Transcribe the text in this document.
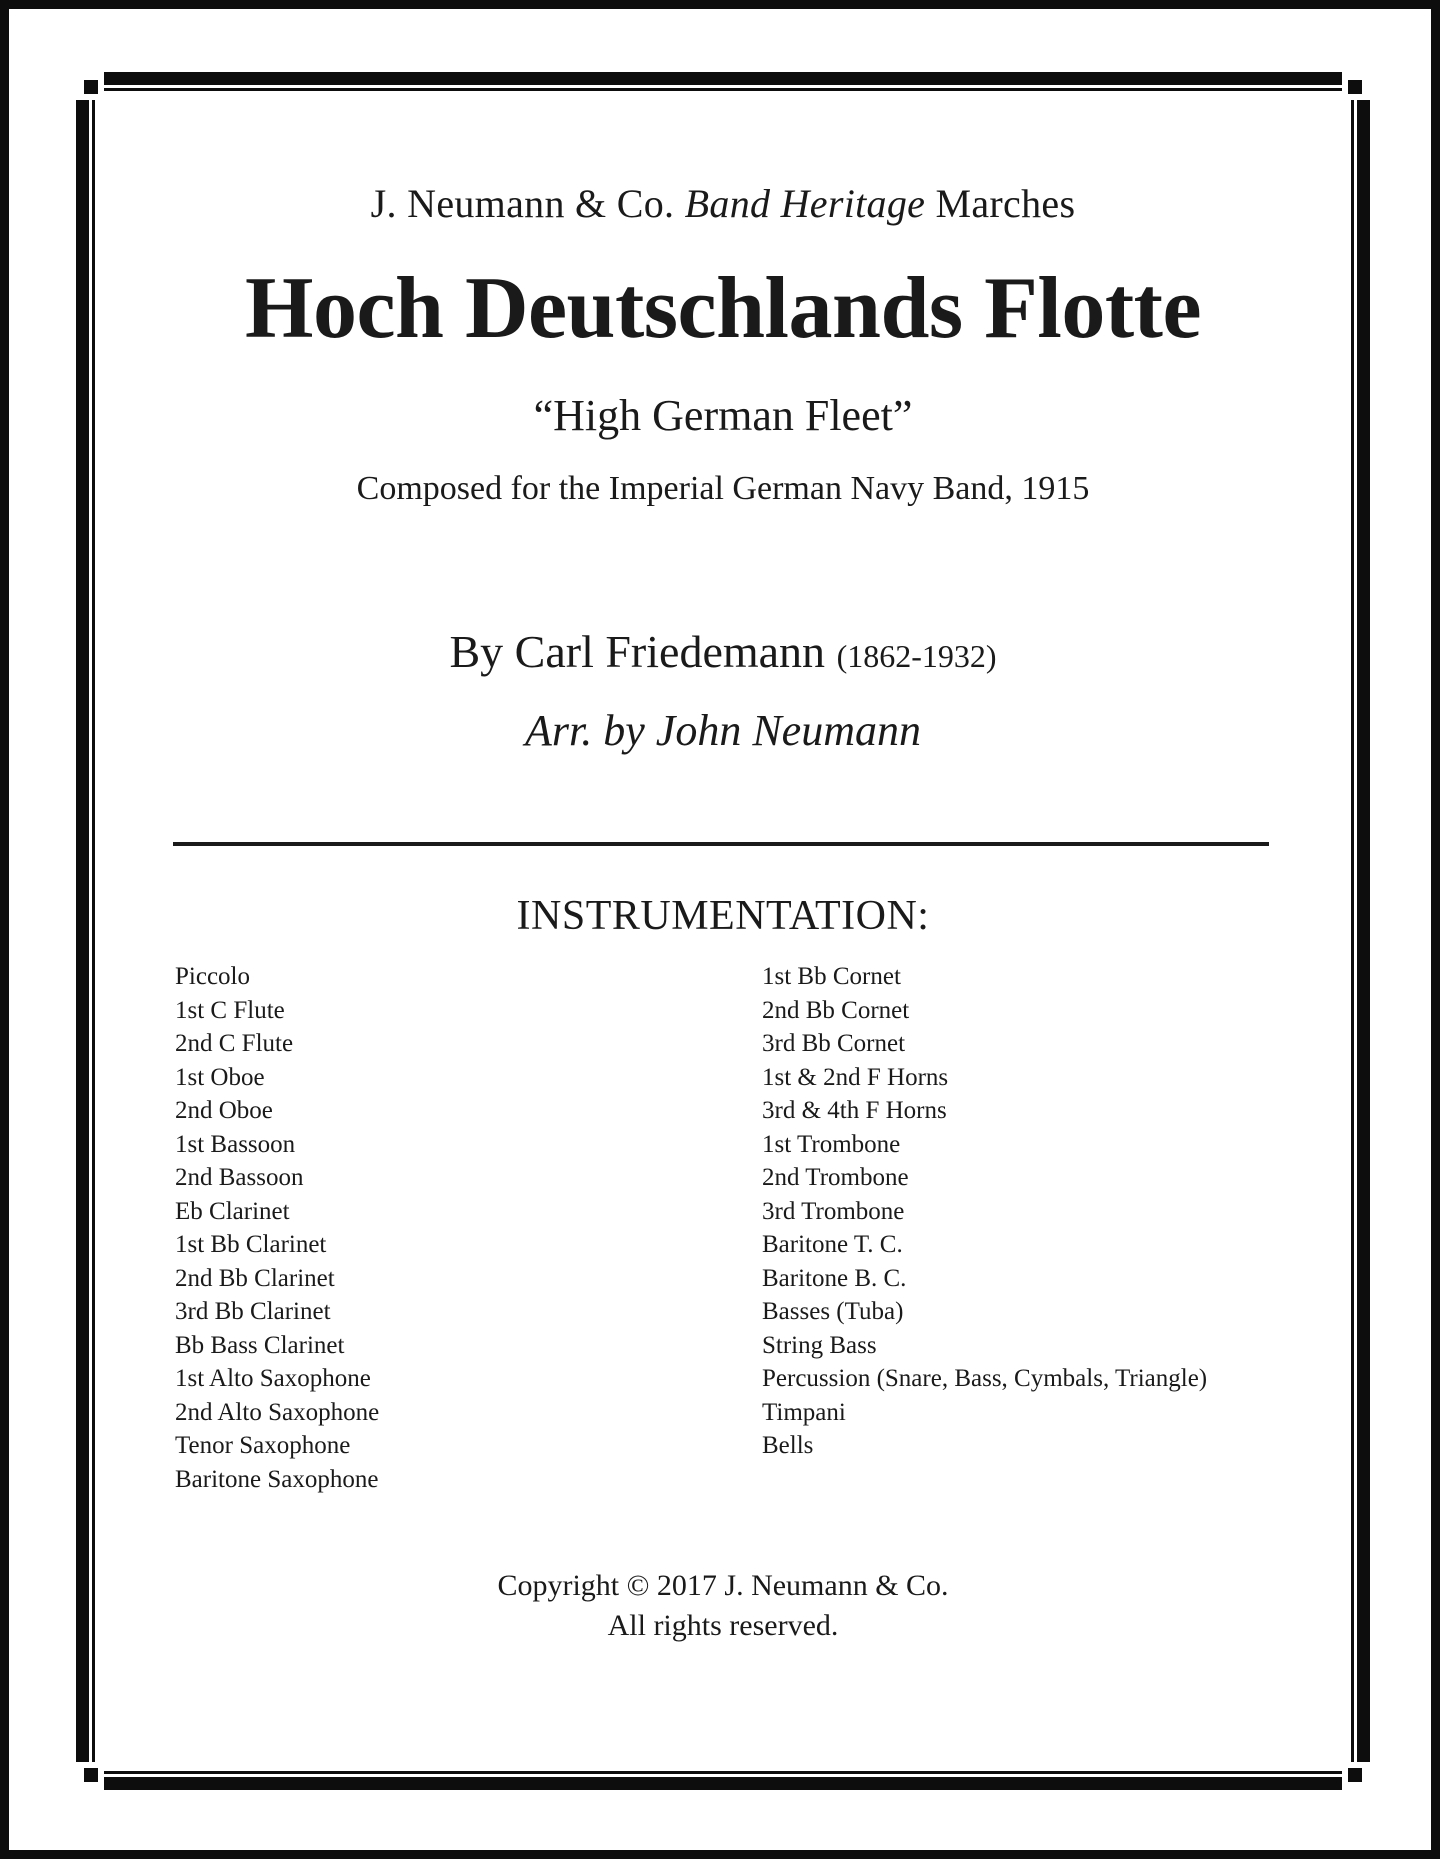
J. Neumann & Co. Band Heritage Marches
Hoch Deutschlands Flotte
“High German Fleet”
Composed for the Imperial German Navy Band, 1915
By Carl Friedemann (1862-1932)
Arr. by John Neumann
INSTRUMENTATION:
Piccolo
1st C Flute
2nd C Flute
1st Oboe
2nd Oboe
1st Bassoon
2nd Bassoon
Eb Clarinet
1st Bb Clarinet
2nd Bb Clarinet
3rd Bb Clarinet
Bb Bass Clarinet
1st Alto Saxophone
2nd Alto Saxophone
Tenor Saxophone
Baritone Saxophone
1st Bb Cornet
2nd Bb Cornet
3rd Bb Cornet
1st & 2nd F Horns
3rd & 4th F Horns
1st Trombone
2nd Trombone
3rd Trombone
Baritone T. C.
Baritone B. C.
Basses (Tuba)
String Bass
Percussion (Snare, Bass, Cymbals, Triangle)
Timpani
Bells
Copyright © 2017 J. Neumann & Co.
All rights reserved.
